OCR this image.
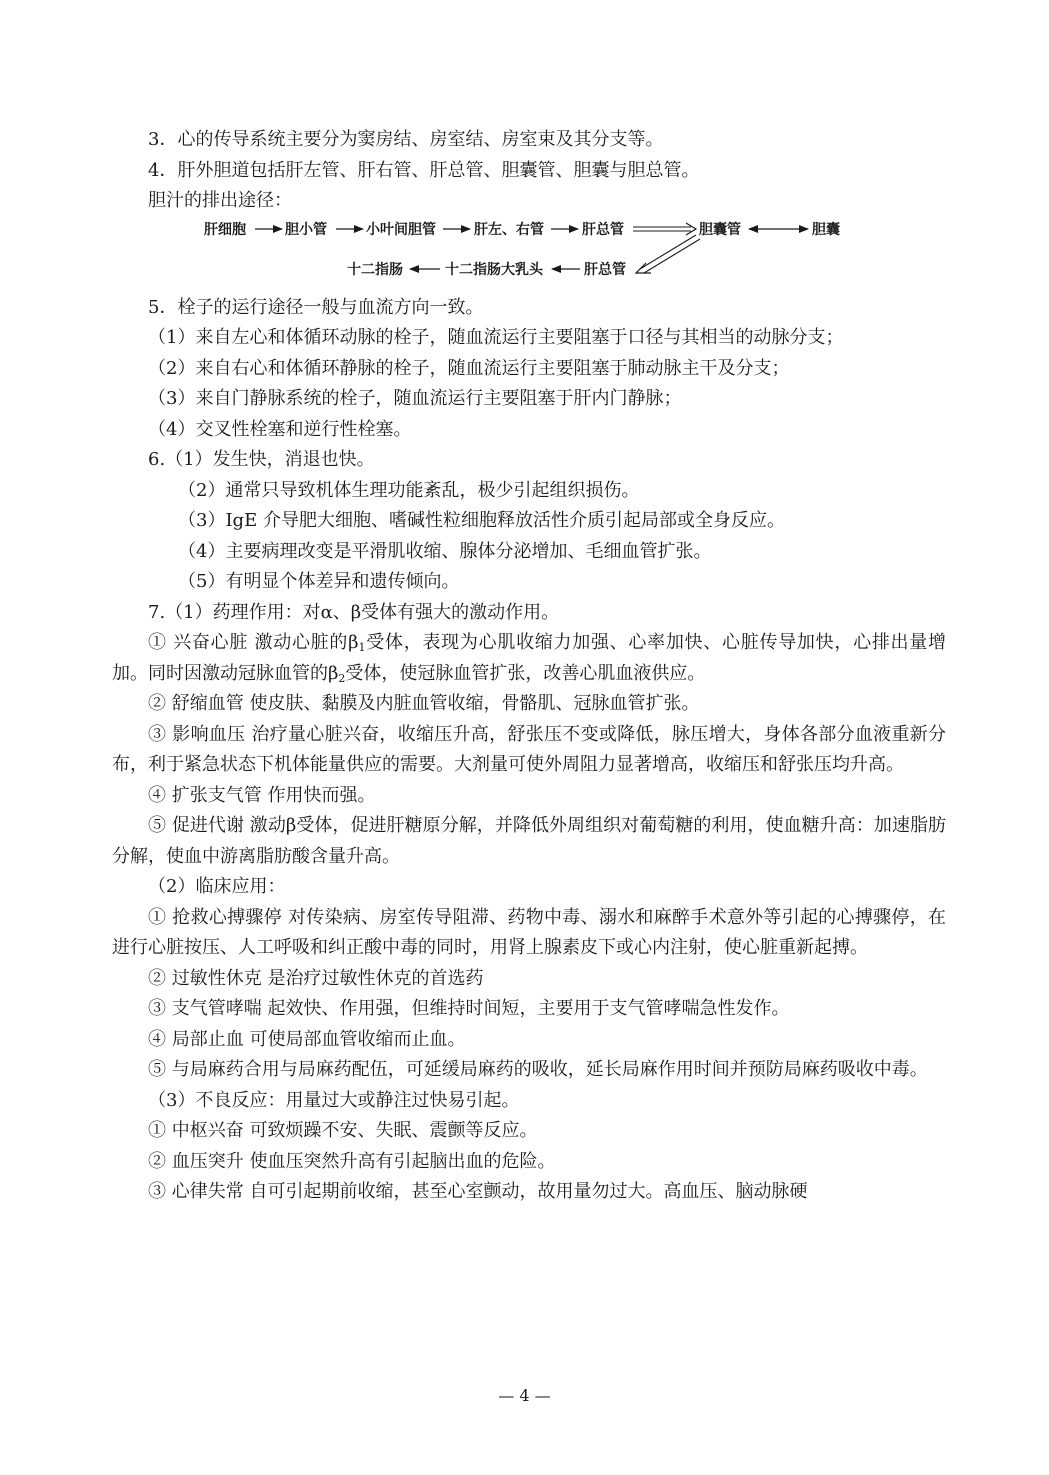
3．心的传导系统主要分为窦房结、房室结、房室束及其分支等。

4．肝外胆道包括肝左管、肝右管、肝总管、胆囊管、胆囊与胆总管。

胆汁的排出途径：

肝细胞	胆小管	小叶间胆管	肝左、右管	肝总管	胆囊管	胆囊
十二指肠	十二指肠大乳头	肝总管

5．栓子的运行途径一般与血流方向一致。

（1）来自左心和体循环动脉的栓子，随血流运行主要阻塞于口径与其相当的动脉分支；

（2）来自右心和体循环静脉的栓子，随血流运行主要阻塞于肺动脉主干及分支；

（3）来自门静脉系统的栓子，随血流运行主要阻塞于肝内门静脉；

（4）交叉性栓塞和逆行性栓塞。

6.（1）发生快，消退也快。

（2）通常只导致机体生理功能紊乱，极少引起组织损伤。

（3）IgE 介导肥大细胞、嗜碱性粒细胞释放活性介质引起局部或全身反应。

（4）主要病理改变是平滑肌收缩、腺体分泌增加、毛细血管扩张。

（5）有明显个体差异和遗传倾向。

7.（1）药理作用：对α、β受体有强大的激动作用。

① 兴奋心脏 激动心脏的$\beta_1$受体，表现为心肌收缩力加强、心率加快、心脏传导加快，心排出量增加。同时因激动冠脉血管的$\beta_2$受体，使冠脉血管扩张，改善心肌血液供应。

② 舒缩血管 使皮肤、黏膜及内脏血管收缩，骨骼肌、冠脉血管扩张。

③ 影响血压 治疗量心脏兴奋，收缩压升高，舒张压不变或降低，脉压增大，身体各部分血液重新分布，利于紧急状态下机体能量供应的需要。大剂量可使外周阻力显著增高，收缩压和舒张压均升高。

④ 扩张支气管 作用快而强。

⑤ 促进代谢 激动β受体，促进肝糖原分解，并降低外周组织对葡萄糖的利用，使血糖升高：加速脂肪分解，使血中游离脂肪酸含量升高。

（2）临床应用：

① 抢救心搏骤停 对传染病、房室传导阻滞、药物中毒、溺水和麻醉手术意外等引起的心搏骤停，在进行心脏按压、人工呼吸和纠正酸中毒的同时，用肾上腺素皮下或心内注射，使心脏重新起搏。

② 过敏性休克 是治疗过敏性休克的首选药

③ 支气管哮喘 起效快、作用强，但维持时间短，主要用于支气管哮喘急性发作。

④ 局部止血 可使局部血管收缩而止血。

⑤ 与局麻药合用与局麻药配伍，可延缓局麻药的吸收，延长局麻作用时间并预防局麻药吸收中毒。

（3）不良反应：用量过大或静注过快易引起。

① 中枢兴奋 可致烦躁不安、失眠、震颤等反应。

② 血压突升 使血压突然升高有引起脑出血的危险。

③ 心律失常 自可引起期前收缩，甚至心室颤动，故用量勿过大。高血压、脑动脉硬

— 4 —
